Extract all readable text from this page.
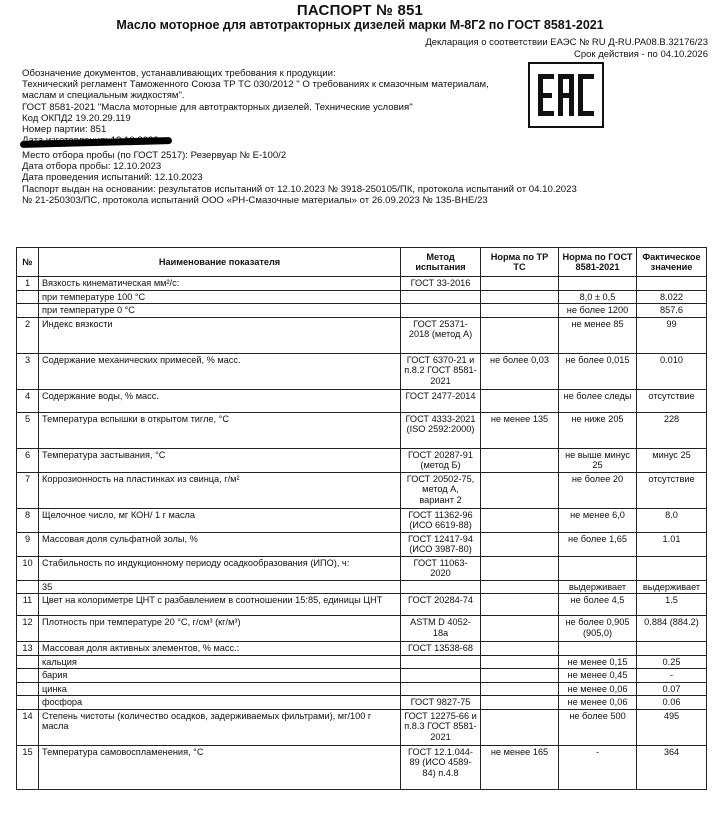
ПАСПОРТ № 851
Масло моторное для автотракторных дизелей марки М-8Г2 по ГОСТ 8581-2021
Декларация о соответствии ЕАЭС № RU Д-RU.PA08.В.32176/23
Срок действия - по 04.10.2026
Обозначение документов, устанавливающих требования к продукции:
Технический регламент Таможенного Союза ТР ТС 030/2012 " О требованиях к смазочным материалам, маслам и специальным жидкостям".
ГОСТ 8581-2021 "Масла моторные для автотракторных дизелей. Технические условия"
Код ОКПД2 19.20.29.119
Номер партии: 851
Место отбора пробы (по ГОСТ 2517): Резервуар № Е-100/2
Дата отбора пробы: 12.10.2023
Дата проведения испытаний: 12.10.2023
Паспорт выдан на основании: результатов испытаний от 12.10.2023 № 3918-250105/ПК, протокола испытаний от 04.10.2023 № 21-250303/ПС, протокола испытаний ООО «РН-Смазочные материалы» от 26.09.2023 № 135-ВНЕ/23
№	Наименование показателя	Метод испытания	Норма по ТР ТС	Норма по ГОСТ 8581-2021	Фактическое значение
1	Вязкость кинематическая мм²/с:	ГОСТ 33-2016			
	при температуре 100 °С			8,0 ± 0,5	8.022
	при температуре 0 °С			не более 1200	857.6
2	Индекс вязкости	ГОСТ 25371-2018 (метод А)		не менее 85	99
3	Содержание механических примесей, % масс.	ГОСТ 6370-21 и п.8.2 ГОСТ 8581-2021	не более 0,03	не более 0,015	0.010
4	Содержание воды, % масс.	ГОСТ 2477-2014		не более следы	отсутствие
5	Температура вспышки в открытом тигле, °С	ГОСТ 4333-2021 (ISO 2592:2000)	не менее 135	не ниже 205	228
6	Температура застывания, °С	ГОСТ 20287-91 (метод Б)		не выше минус 25	минус 25
7	Коррозионность на пластинках из свинца, г/м²	ГОСТ 20502-75, метод А, вариант 2		не более 20	отсутствие
8	Щелочное число, мг КОН/ 1 г масла	ГОСТ 11362-96 (ИСО 6619-88)		не менее 6,0	8.0
9	Массовая доля сульфатной золы, %	ГОСТ 12417-94 (ИСО 3987-80)		не более 1,65	1.01
10	Стабильность по индукционному периоду осадкообразования (ИПО), ч:	ГОСТ 11063-2020			
	35			выдерживает	выдерживает
11	Цвет на колориметре ЦНТ с разбавлением в соотношении 15:85, единицы ЦНТ	ГОСТ 20284-74		не более 4,5	1.5
12	Плотность при температуре 20 °С, г/см³ (кг/м³)	ASTM D 4052-18a		не более 0,905 (905,0)	0.884 (884.2)
13	Массовая доля активных элементов, % масс.:	ГОСТ 13538-68			
	кальция			не менее 0,15	0.25
	бария			не менее 0,45	-
	цинка			не менее 0,06	0.07
	фосфора	ГОСТ 9827-75		не менее 0,06	0.06
14	Степень чистоты (количество осадков, задерживаемых фильтрами), мг/100 г масла	ГОСТ 12275-66 и п.8.3 ГОСТ 8581-2021		не более 500	495
15	Температура самовоспламенения, °С	ГОСТ 12.1.044-89 (ИСО 4589-84) п.4.8	не менее 165	-	364
